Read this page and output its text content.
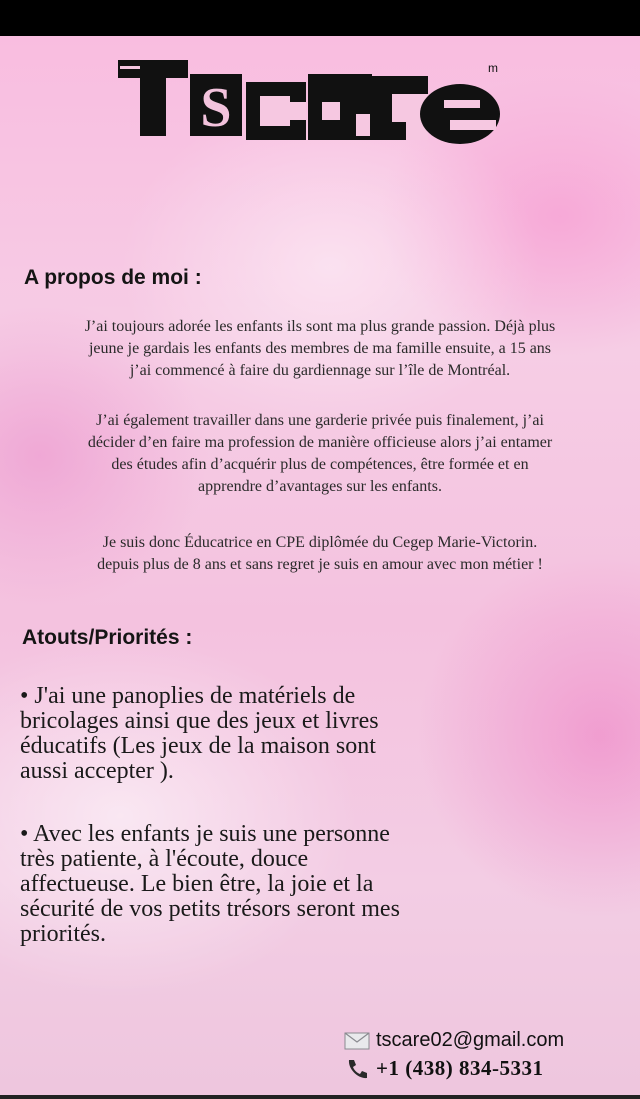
S
m
A propos de moi :

J’ai toujours adorée les enfants ils sont ma plus grande passion. Déjà plus
jeune je gardais les enfants des membres de ma famille ensuite, a 15 ans
j’ai commencé à faire du gardiennage sur l’île de Montréal.

J’ai également travailler dans une garderie privée puis finalement, j’ai
décider d’en faire ma profession de manière officieuse alors j’ai entamer
des études afin d’acquérir plus de compétences, être formée et en
apprendre d’avantages sur les enfants.

Je suis donc Éducatrice en CPE diplômée du Cegep Marie-Victorin.
depuis plus de 8 ans et sans regret je suis en amour avec mon métier !

Atouts/Priorités :

• J'ai une panoplies de matériels de
bricolages ainsi que des jeux et livres
éducatifs (Les jeux de la maison sont
aussi accepter ).

• Avec les enfants je suis une personne
très patiente, à l'écoute, douce
affectueuse. Le bien être, la joie et la
sécurité de vos petits trésors seront mes
priorités.

tscare02@gmail.com
+1 (438) 834-5331
